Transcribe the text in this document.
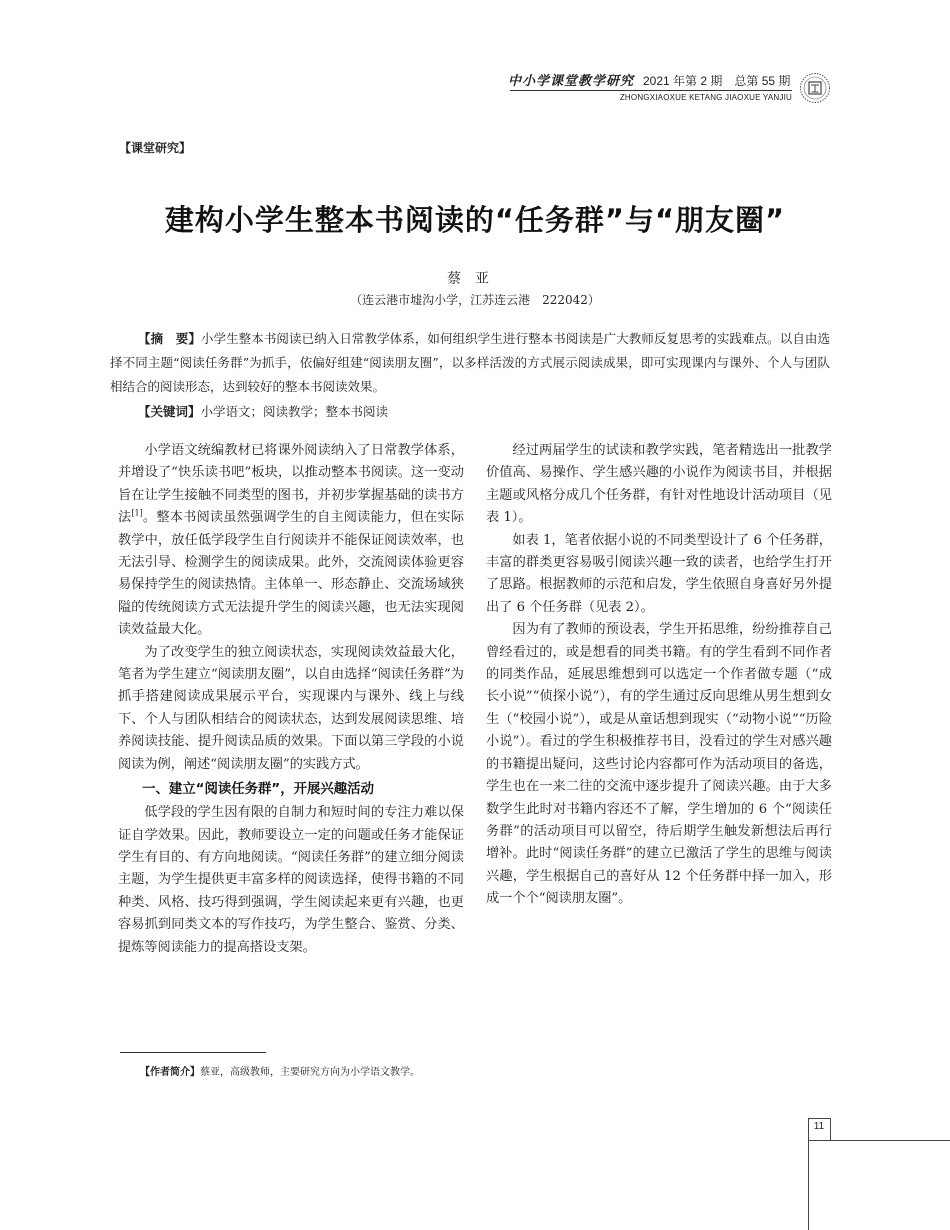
中小学课堂教学研究 2021 年第 2 期　总第 55 期
ZHONGXIAOXUE KETANG JIAOXUE YANJIU
【课堂研究】
建构小学生整本书阅读的“任务群”与“朋友圈”
蔡亚
（连云港市墟沟小学，江苏连云港　222042）
【摘　要】小学生整本书阅读已纳入日常教学体系，如何组织学生进行整本书阅读是广大教师反复思考的实践难点。以自由选择不同主题“阅读任务群”为抓手，依偏好组建“阅读朋友圈”，以多样活泼的方式展示阅读成果，即可实现课内与课外、个人与团队相结合的阅读形态，达到较好的整本书阅读效果。
【关键词】小学语文；阅读教学；整本书阅读

小学语文统编教材已将课外阅读纳入了日常教学体系，并增设了“快乐读书吧”板块，以推动整本书阅读。这一变动旨在让学生接触不同类型的图书，并初步掌握基础的读书方法[1]。整本书阅读虽然强调学生的自主阅读能力，但在实际教学中，放任低学段学生自行阅读并不能保证阅读效率，也无法引导、检测学生的阅读成果。此外，交流阅读体验更容易保持学生的阅读热情。主体单一、形态静止、交流场域狭隘的传统阅读方式无法提升学生的阅读兴趣，也无法实现阅读效益最大化。

为了改变学生的独立阅读状态，实现阅读效益最大化，笔者为学生建立“阅读朋友圈”，以自由选择“阅读任务群”为抓手搭建阅读成果展示平台，实现课内与课外、线上与线下、个人与团队相结合的阅读状态，达到发展阅读思维、培养阅读技能、提升阅读品质的效果。下面以第三学段的小说阅读为例，阐述“阅读朋友圈”的实践方式。

一、建立“阅读任务群”，开展兴趣活动

低学段的学生因有限的自制力和短时间的专注力难以保证自学效果。因此，教师要设立一定的问题或任务才能保证学生有目的、有方向地阅读。“阅读任务群”的建立细分阅读主题，为学生提供更丰富多样的阅读选择，使得书籍的不同种类、风格、技巧得到强调，学生阅读起来更有兴趣，也更容易抓到同类文本的写作技巧，为学生整合、鉴赏、分类、提炼等阅读能力的提高搭设支架。

经过两届学生的试读和教学实践，笔者精选出一批教学价值高、易操作、学生感兴趣的小说作为阅读书目，并根据主题或风格分成几个任务群，有针对性地设计活动项目（见表 1）。

如表 1，笔者依据小说的不同类型设计了 6 个任务群，丰富的群类更容易吸引阅读兴趣一致的读者，也给学生打开了思路。根据教师的示范和启发，学生依照自身喜好另外提出了 6 个任务群（见表 2）。

因为有了教师的预设表，学生开拓思维，纷纷推荐自己曾经看过的，或是想看的同类书籍。有的学生看到不同作者的同类作品，延展思维想到可以选定一个作者做专题（“成长小说”“侦探小说”），有的学生通过反向思维从男生想到女生（“校园小说”），或是从童话想到现实（“动物小说”“历险小说”）。看过的学生积极推荐书目，没看过的学生对感兴趣的书籍提出疑问，这些讨论内容都可作为活动项目的备选，学生也在一来二往的交流中逐步提升了阅读兴趣。由于大多数学生此时对书籍内容还不了解，学生增加的 6 个“阅读任务群”的活动项目可以留空，待后期学生触发新想法后再行增补。此时“阅读任务群”的建立已激活了学生的思维与阅读兴趣，学生根据自己的喜好从 12 个任务群中择一加入，形成一个个“阅读朋友圈”。

【作者简介】蔡亚，高级教师，主要研究方向为小学语文教学。
11
